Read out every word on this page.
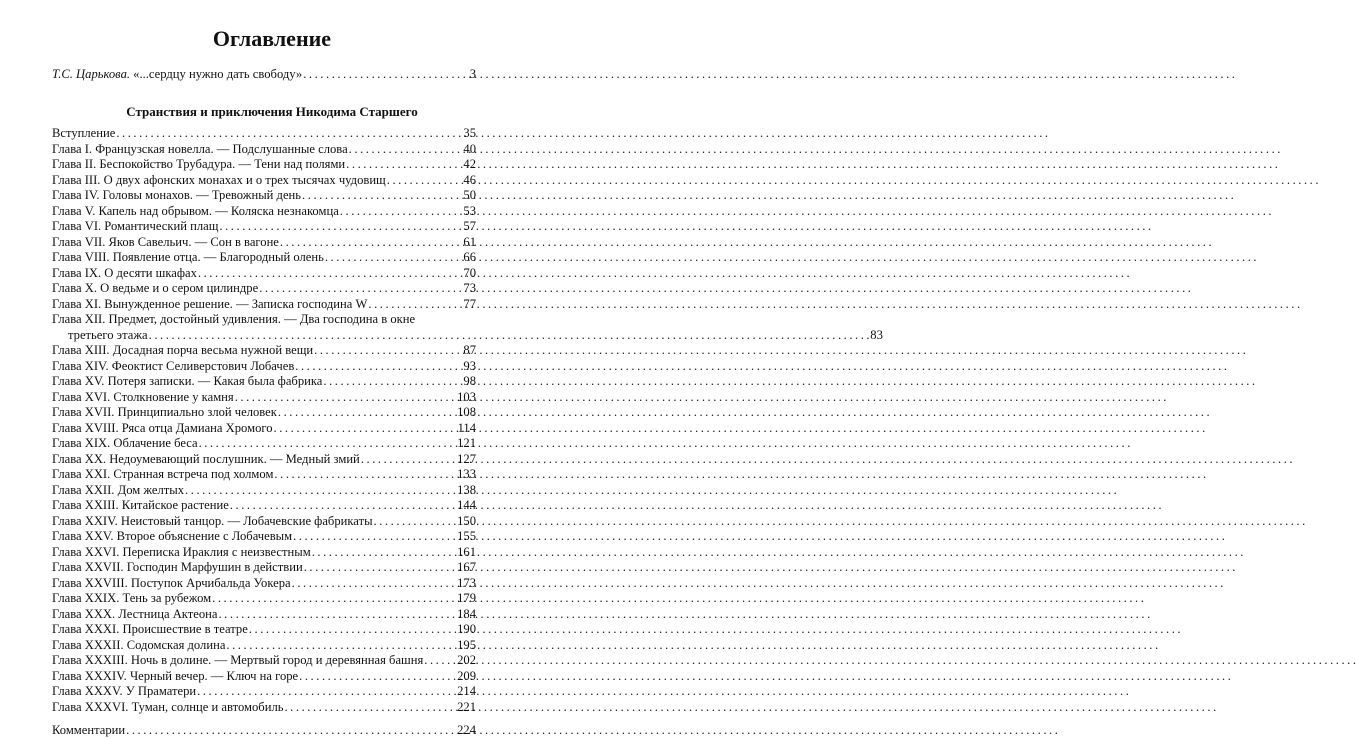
Оглавление
Т.С. Царькова. «...сердцу нужно дать свободу» . . .	3
Странствия и приключения Никодима Старшего
Вступление . . .	35
Глава I. Французская новелла. — Подслушанные слова . . .	40
Глава II. Беспокойство Трубадура. — Тени над полями . . .	42
Глава III. О двух афонских монахах и о трех тысячах чудовищ . . .	46
Глава IV. Головы монахов. — Тревожный день . . .	50
Глава V. Капель над обрывом. — Коляска незнакомца . . .	53
Глава VI. Романтический плащ . . .	57
Глава VII. Яков Савельич. — Сон в вагоне . . .	61
Глава VIII. Появление отца. — Благородный олень . . .	66
Глава IX. О десяти шкафах . . .	70
Глава X. О ведьме и о сером цилиндре . . .	73
Глава XI. Вынужденное решение. — Записка господина W . . .	77
Глава XII. Предмет, достойный удивления. — Два господина в окне
третьего этажа . . .	83
Глава XIII. Досадная порча весьма нужной вещи . . .	87
Глава XIV. Феоктист Селиверстович Лобачев . . .	93
Глава XV. Потеря записки. — Какая была фабрика . . .	98
Глава XVI. Столкновение у камня . . .	103
Глава XVII. Принципиально злой человек . . .	108
Глава XVIII. Ряса отца Дамиана Хромого . . .	114
Глава XIX. Облачение беса . . .	121
Глава XX. Недоумевающий послушник. — Медный змий . . .	127
Глава XXI. Странная встреча под холмом . . .	133
Глава XXII. Дом желтых . . .	138
Глава XXIII. Китайское растение . . .	144
Глава XXIV. Неистовый танцор. — Лобачевские фабрикаты . . .	150
Глава XXV. Второе объяснение с Лобачевым . . .	155
Глава XXVI. Переписка Ираклия с неизвестным . . .	161
Глава XXVII. Господин Марфушин в действии . . .	167
Глава XXVIII. Поступок Арчибальда Уокера . . .	173
Глава XXIX. Тень за рубежом . . .	179
Глава XXX. Лестница Актеона . . .	184
Глава XXXI. Происшествие в театре . . .	190
Глава XXXII. Содомская долина . . .	195
Глава XXXIII. Ночь в долине. — Мертвый город и деревянная башня . . .	202
Глава XXXIV. Черный вечер. — Ключ на горе . . .	209
Глава XXXV. У Праматери . . .	214
Глава XXXVI. Туман, солнце и автомобиль . . .	221
Комментарии . . .	224
